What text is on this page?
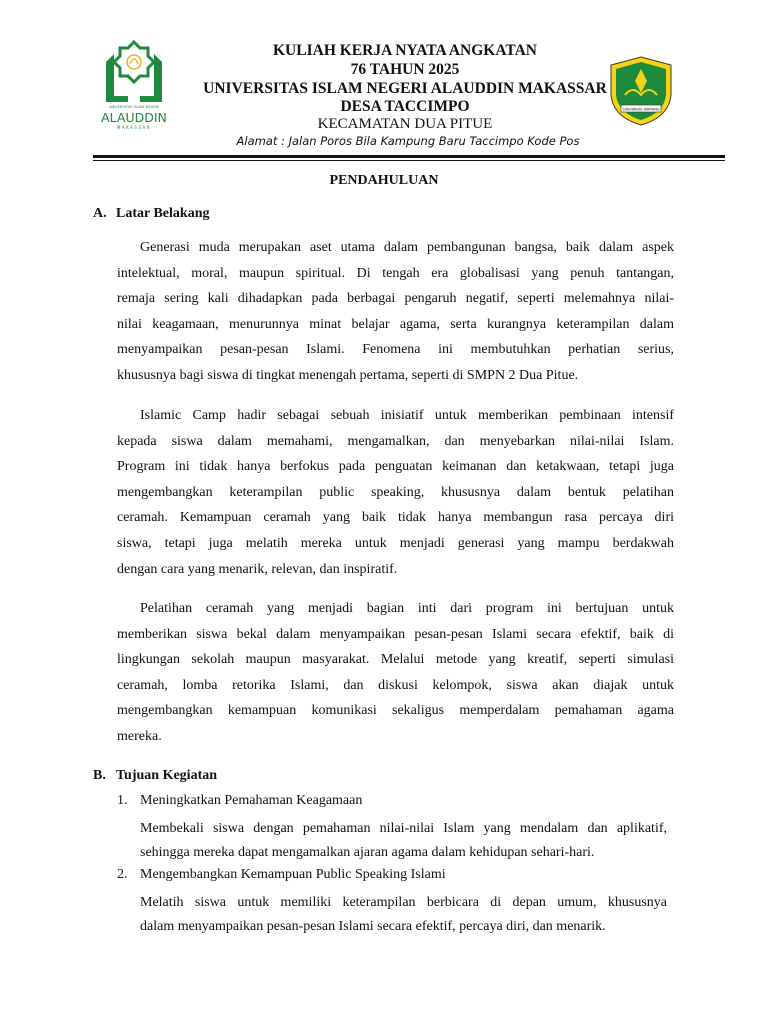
UNIVERSITAS ISLAM NEGERI
ALAUDDIN
MAKASSAR
SIDENRENG RAPPANG
KULIAH KERJA NYATA ANGKATAN
76 TAHUN 2025
UNIVERSITAS ISLAM NEGERI ALAUDDIN MAKASSAR
DESA TACCIMPO
KECAMATAN DUA PITUE
Alamat : Jalan Poros Bila Kampung Baru Taccimpo Kode Pos
PENDAHULUAN
A. Latar Belakang
Generasi muda merupakan aset utama dalam pembangunan bangsa, baik dalam aspek
intelektual, moral, maupun spiritual. Di tengah era globalisasi yang penuh tantangan,
remaja sering kali dihadapkan pada berbagai pengaruh negatif, seperti melemahnya nilai-
nilai keagamaan, menurunnya minat belajar agama, serta kurangnya keterampilan dalam
menyampaikan pesan-pesan Islami. Fenomena ini membutuhkan perhatian serius,
khususnya bagi siswa di tingkat menengah pertama, seperti di SMPN 2 Dua Pitue.
Islamic Camp hadir sebagai sebuah inisiatif untuk memberikan pembinaan intensif
kepada siswa dalam memahami, mengamalkan, dan menyebarkan nilai-nilai Islam.
Program ini tidak hanya berfokus pada penguatan keimanan dan ketakwaan, tetapi juga
mengembangkan keterampilan public speaking, khususnya dalam bentuk pelatihan
ceramah. Kemampuan ceramah yang baik tidak hanya membangun rasa percaya diri
siswa, tetapi juga melatih mereka untuk menjadi generasi yang mampu berdakwah
dengan cara yang menarik, relevan, dan inspiratif.
Pelatihan ceramah yang menjadi bagian inti dari program ini bertujuan untuk
memberikan siswa bekal dalam menyampaikan pesan-pesan Islami secara efektif, baik di
lingkungan sekolah maupun masyarakat. Melalui metode yang kreatif, seperti simulasi
ceramah, lomba retorika Islami, dan diskusi kelompok, siswa akan diajak untuk
mengembangkan kemampuan komunikasi sekaligus memperdalam pemahaman agama
mereka.
B. Tujuan Kegiatan
1. Meningkatkan Pemahaman Keagamaan
Membekali siswa dengan pemahaman nilai-nilai Islam yang mendalam dan aplikatif,
sehingga mereka dapat mengamalkan ajaran agama dalam kehidupan sehari-hari.
2. Mengembangkan Kemampuan Public Speaking Islami
Melatih siswa untuk memiliki keterampilan berbicara di depan umum, khususnya
dalam menyampaikan pesan-pesan Islami secara efektif, percaya diri, dan menarik.
